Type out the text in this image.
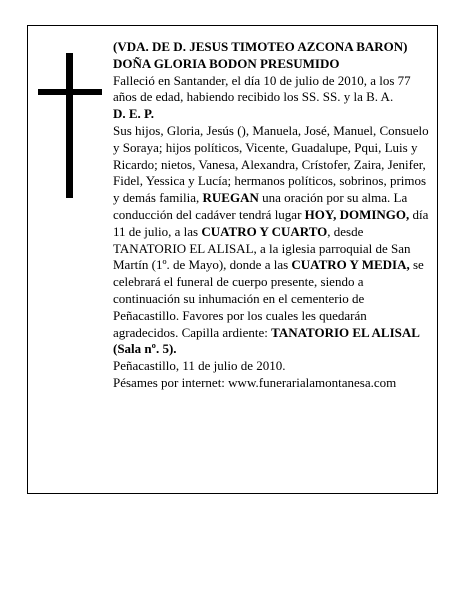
(VDA. DE D. JESUS TIMOTEO AZCONA BARON)

DOÑA GLORIA BODON PRESUMIDO

Falleció en Santander, el día 10 de julio de 2010, a los 77 años de edad, habiendo recibido los SS. SS. y la B. A.

D. E. P.

Sus hijos, Gloria, Jesús (), Manuela, José, Manuel, Consuelo y Soraya; hijos políticos, Vicente, Guadalupe, Pqui, Luis y Ricardo; nietos, Vanesa, Alexandra, Crístofer, Zaira, Jenifer, Fidel, Yessica y Lucía; hermanos políticos, sobrinos, primos y demás familia, RUEGAN una oración por su alma. La conducción del cadáver tendrá lugar HOY, DOMINGO, día 11 de julio, a las CUATRO Y CUARTO, desde TANATORIO EL ALISAL, a la iglesia parroquial de San Martín (1º. de Mayo), donde a las CUATRO Y MEDIA, se celebrará el funeral de cuerpo presente, siendo a continuación su inhumación en el cementerio de Peñacastillo. Favores por los cuales les quedarán agradecidos. Capilla ardiente: TANATORIO EL ALISAL (Sala nº. 5).

Peñacastillo, 11 de julio de 2010.

Pésames por internet: www.funerarialamontanesa.com
